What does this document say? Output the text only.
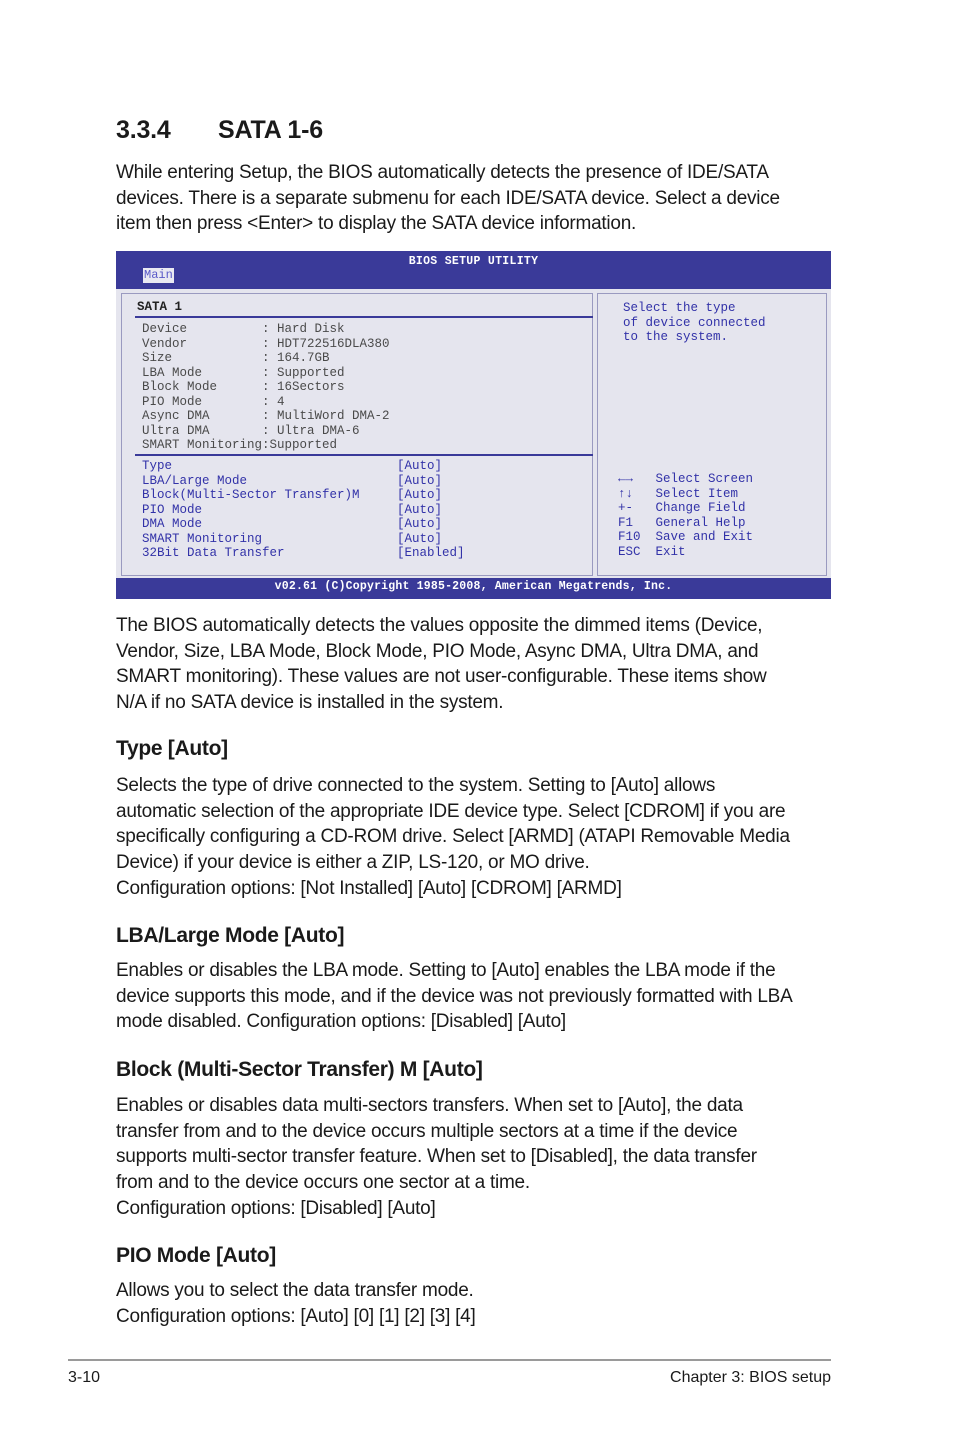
3.3.4 SATA 1-6
While entering Setup, the BIOS automatically detects the presence of IDE/SATA
devices. There is a separate submenu for each IDE/SATA device. Select a device
item then press <Enter> to display the SATA device information.
BIOS SETUP UTILITY
Main
SATA 1
Device          : Hard Disk
Vendor          : HDT722516DLA380
Size            : 164.7GB
LBA Mode        : Supported
Block Mode      : 16Sectors
PIO Mode        : 4
Async DMA       : MultiWord DMA-2
Ultra DMA       : Ultra DMA-6
SMART Monitoring:Supported
Type                              [Auto]
LBA/Large Mode                    [Auto]
Block(Multi-Sector Transfer)M     [Auto]
PIO Mode                          [Auto]
DMA Mode                          [Auto]
SMART Monitoring                  [Auto]
32Bit Data Transfer               [Enabled]
Select the type
of device connected
to the system.
←→   Select Screen
↑↓   Select Item
+-   Change Field
F1   General Help
F10  Save and Exit
ESC  Exit
v02.61 (C)Copyright 1985-2008, American Megatrends, Inc.
The BIOS automatically detects the values opposite the dimmed items (Device,
Vendor, Size, LBA Mode, Block Mode, PIO Mode, Async DMA, Ultra DMA, and
SMART monitoring). These values are not user-configurable. These items show
N/A if no SATA device is installed in the system.
Type [Auto]
Selects the type of drive connected to the system. Setting to [Auto] allows
automatic selection of the appropriate IDE device type. Select [CDROM] if you are
specifically configuring a CD-ROM drive. Select [ARMD] (ATAPI Removable Media
Device) if your device is either a ZIP, LS-120, or MO drive.
Configuration options: [Not Installed] [Auto] [CDROM] [ARMD]
LBA/Large Mode [Auto]
Enables or disables the LBA mode. Setting to [Auto] enables the LBA mode if the
device supports this mode, and if the device was not previously formatted with LBA
mode disabled. Configuration options: [Disabled] [Auto]
Block (Multi-Sector Transfer) M [Auto]
Enables or disables data multi-sectors transfers. When set to [Auto], the data
transfer from and to the device occurs multiple sectors at a time if the device
supports multi-sector transfer feature. When set to [Disabled], the data transfer
from and to the device occurs one sector at a time.
Configuration options: [Disabled] [Auto]
PIO Mode [Auto]
Allows you to select the data transfer mode.
Configuration options: [Auto] [0] [1] [2] [3] [4]
3-10	Chapter 3: BIOS setup
